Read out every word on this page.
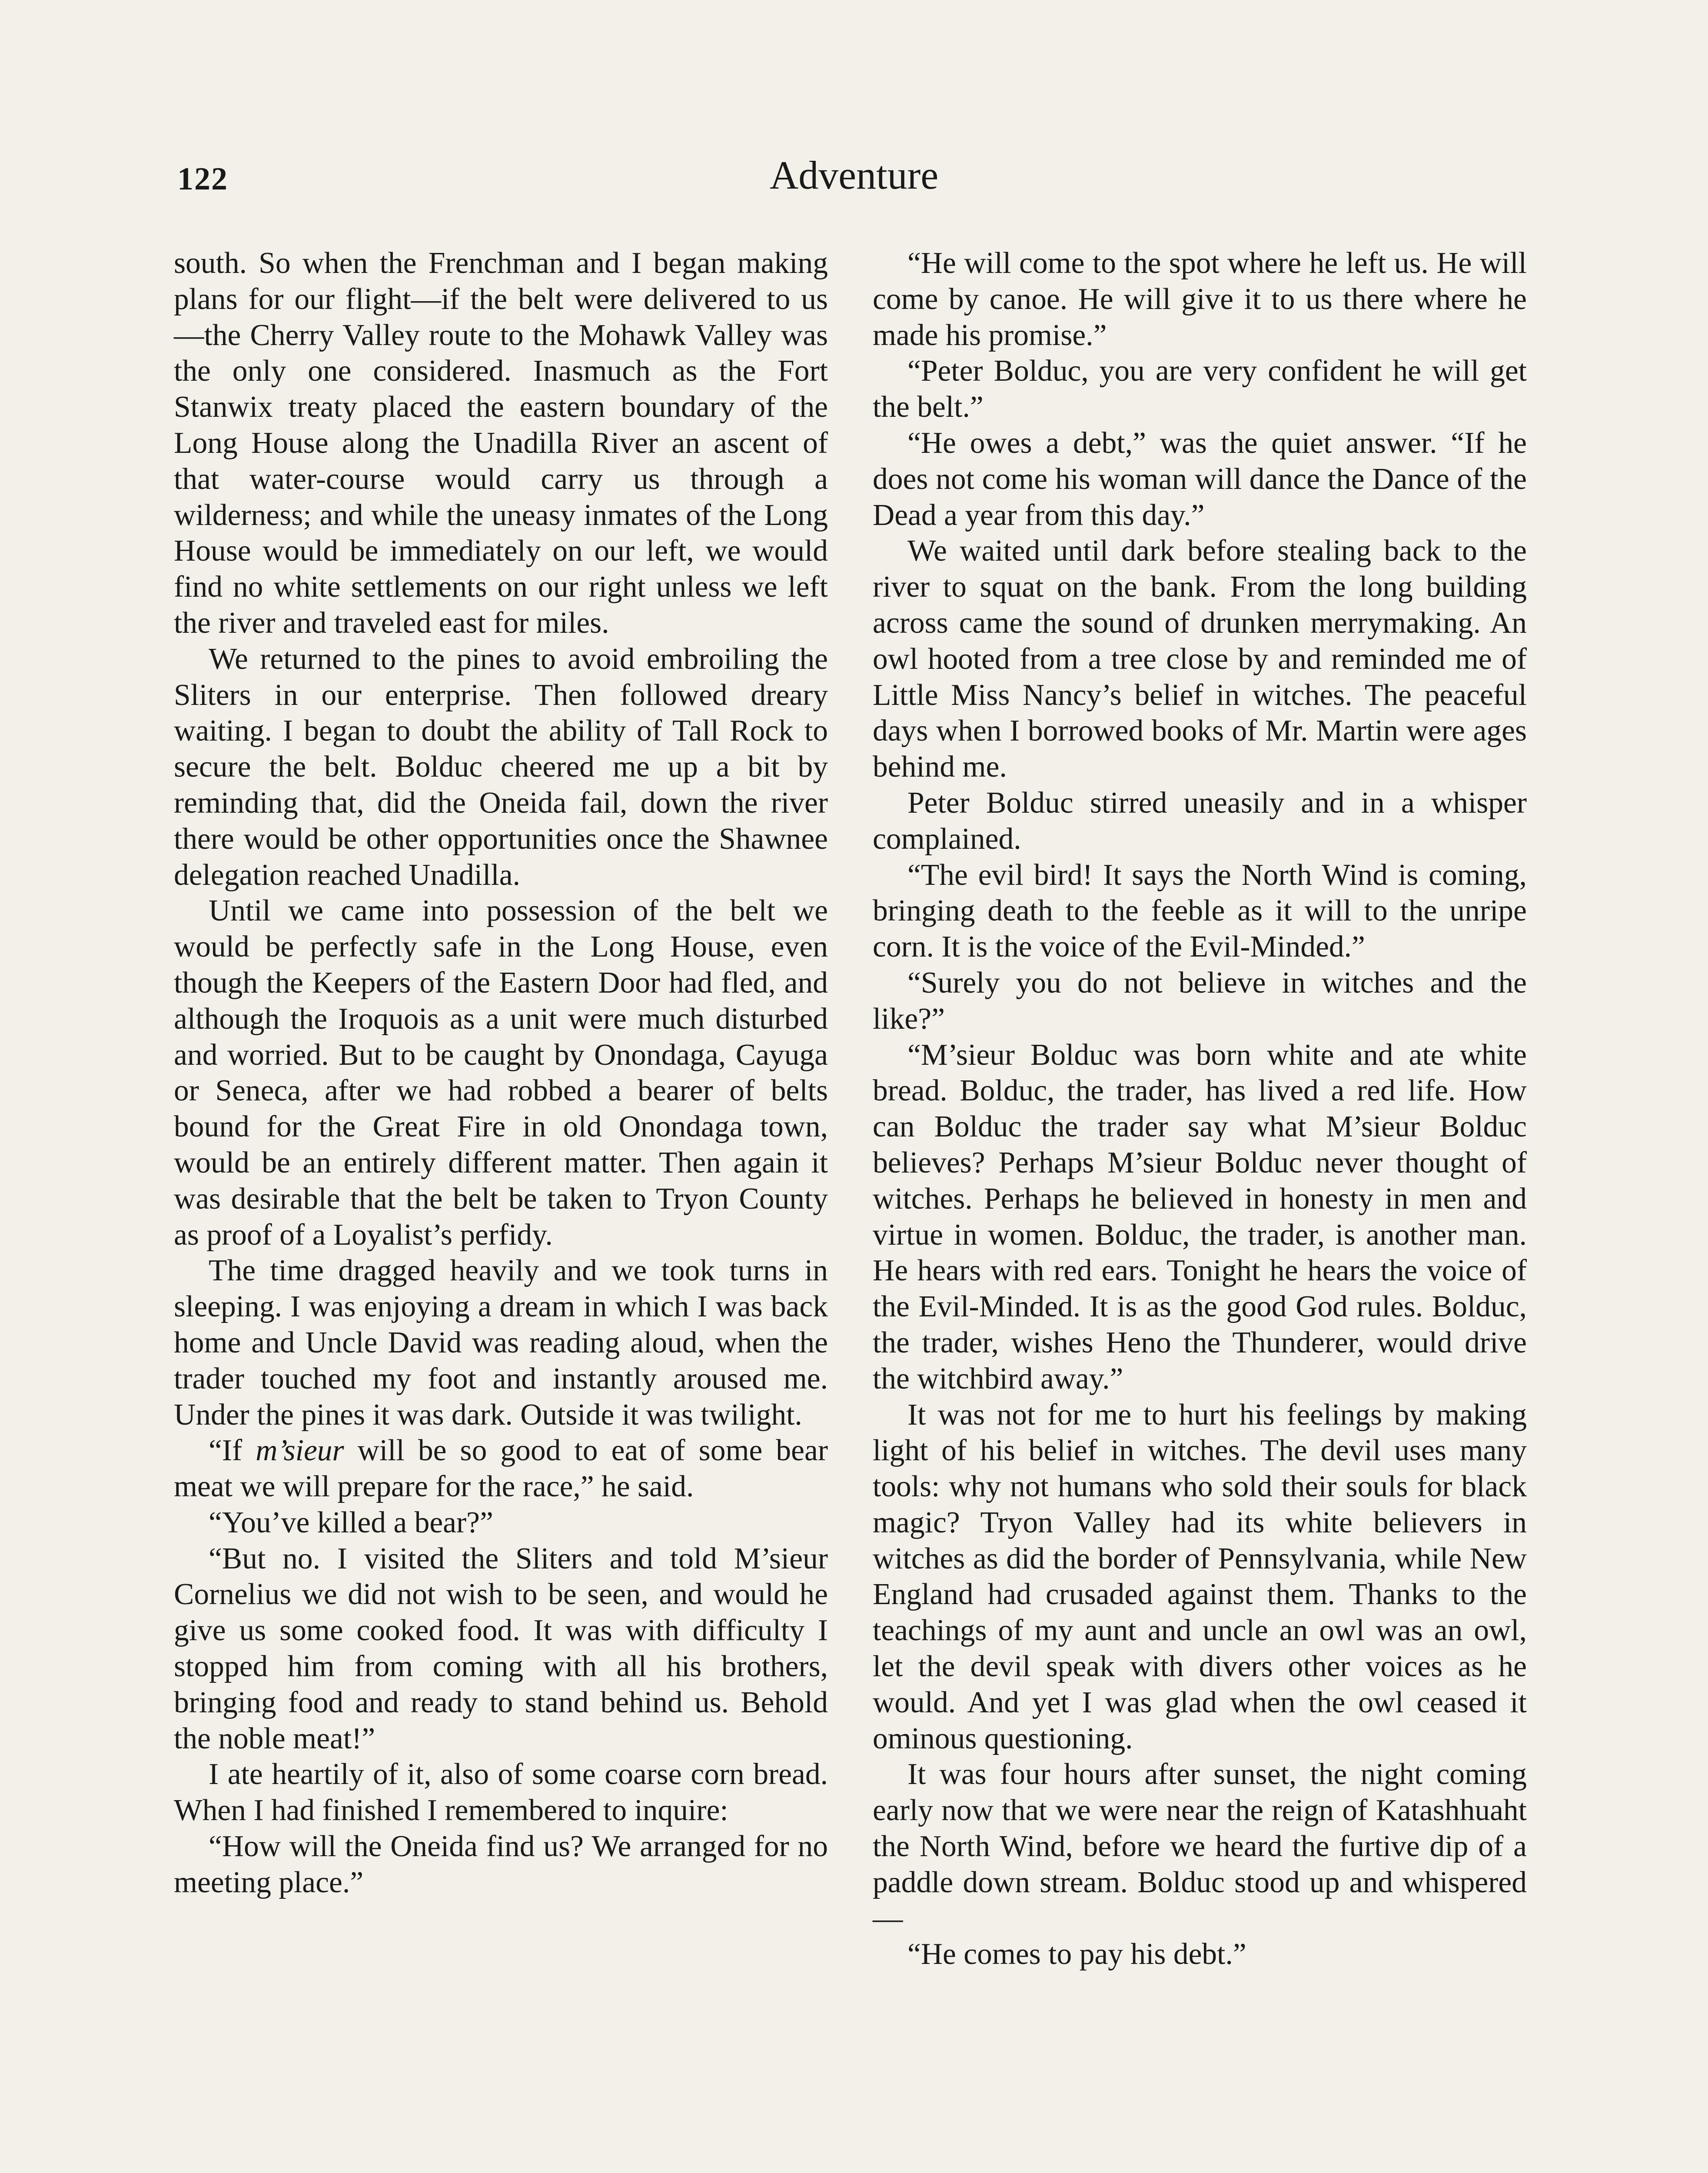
122	Adventure

south. So when the Frenchman and I began making plans for our flight—if the belt were delivered to us—the Cherry Valley route to the Mohawk Valley was the only one considered. Inasmuch as the Fort Stanwix treaty placed the eastern boundary of the Long House along the Unadilla River an ascent of that water-course would carry us through a wilderness; and while the uneasy inmates of the Long House would be immediately on our left, we would find no white settlements on our right unless we left the river and traveled east for miles.

We returned to the pines to avoid embroiling the Sliters in our enterprise. Then followed dreary waiting. I began to doubt the ability of Tall Rock to secure the belt. Bolduc cheered me up a bit by reminding that, did the Oneida fail, down the river there would be other opportunities once the Shawnee delegation reached Unadilla.

Until we came into possession of the belt we would be perfectly safe in the Long House, even though the Keepers of the Eastern Door had fled, and although the Iroquois as a unit were much disturbed and worried. But to be caught by Onondaga, Cayuga or Seneca, after we had robbed a bearer of belts bound for the Great Fire in old Onondaga town, would be an entirely different matter. Then again it was desirable that the belt be taken to Tryon County as proof of a Loyalist’s perfidy.

The time dragged heavily and we took turns in sleeping. I was enjoying a dream in which I was back home and Uncle David was reading aloud, when the trader touched my foot and instantly aroused me. Under the pines it was dark. Outside it was twilight.

“If m’sieur will be so good to eat of some bear meat we will prepare for the race,” he said.

“You’ve killed a bear?”

“But no. I visited the Sliters and told M’sieur Cornelius we did not wish to be seen, and would he give us some cooked food. It was with difficulty I stopped him from coming with all his brothers, bringing food and ready to stand behind us. Behold the noble meat!”

I ate heartily of it, also of some coarse corn bread. When I had finished I remembered to inquire:

“How will the Oneida find us? We arranged for no meeting place.”

“He will come to the spot where he left us. He will come by canoe. He will give it to us there where he made his promise.”

“Peter Bolduc, you are very confident he will get the belt.”

“He owes a debt,” was the quiet answer. “If he does not come his woman will dance the Dance of the Dead a year from this day.”

We waited until dark before stealing back to the river to squat on the bank. From the long building across came the sound of drunken merrymaking. An owl hooted from a tree close by and reminded me of Little Miss Nancy’s belief in witches. The peaceful days when I borrowed books of Mr. Martin were ages behind me.

Peter Bolduc stirred uneasily and in a whisper complained.

“The evil bird! It says the North Wind is coming, bringing death to the feeble as it will to the unripe corn. It is the voice of the Evil-Minded.”

“Surely you do not believe in witches and the like?”

“M’sieur Bolduc was born white and ate white bread. Bolduc, the trader, has lived a red life. How can Bolduc the trader say what M’sieur Bolduc believes? Perhaps M’sieur Bolduc never thought of witches. Perhaps he believed in honesty in men and virtue in women. Bolduc, the trader, is another man. He hears with red ears. Tonight he hears the voice of the Evil-Minded. It is as the good God rules. Bolduc, the trader, wishes Heno the Thunderer, would drive the witchbird away.”

It was not for me to hurt his feelings by making light of his belief in witches. The devil uses many tools: why not humans who sold their souls for black magic? Tryon Valley had its white believers in witches as did the border of Pennsylvania, while New England had crusaded against them. Thanks to the teachings of my aunt and uncle an owl was an owl, let the devil speak with divers other voices as he would. And yet I was glad when the owl ceased it ominous questioning.

It was four hours after sunset, the night coming early now that we were near the reign of Katashhuaht the North Wind, before we heard the furtive dip of a paddle down stream. Bolduc stood up and whispered—

“He comes to pay his debt.”
